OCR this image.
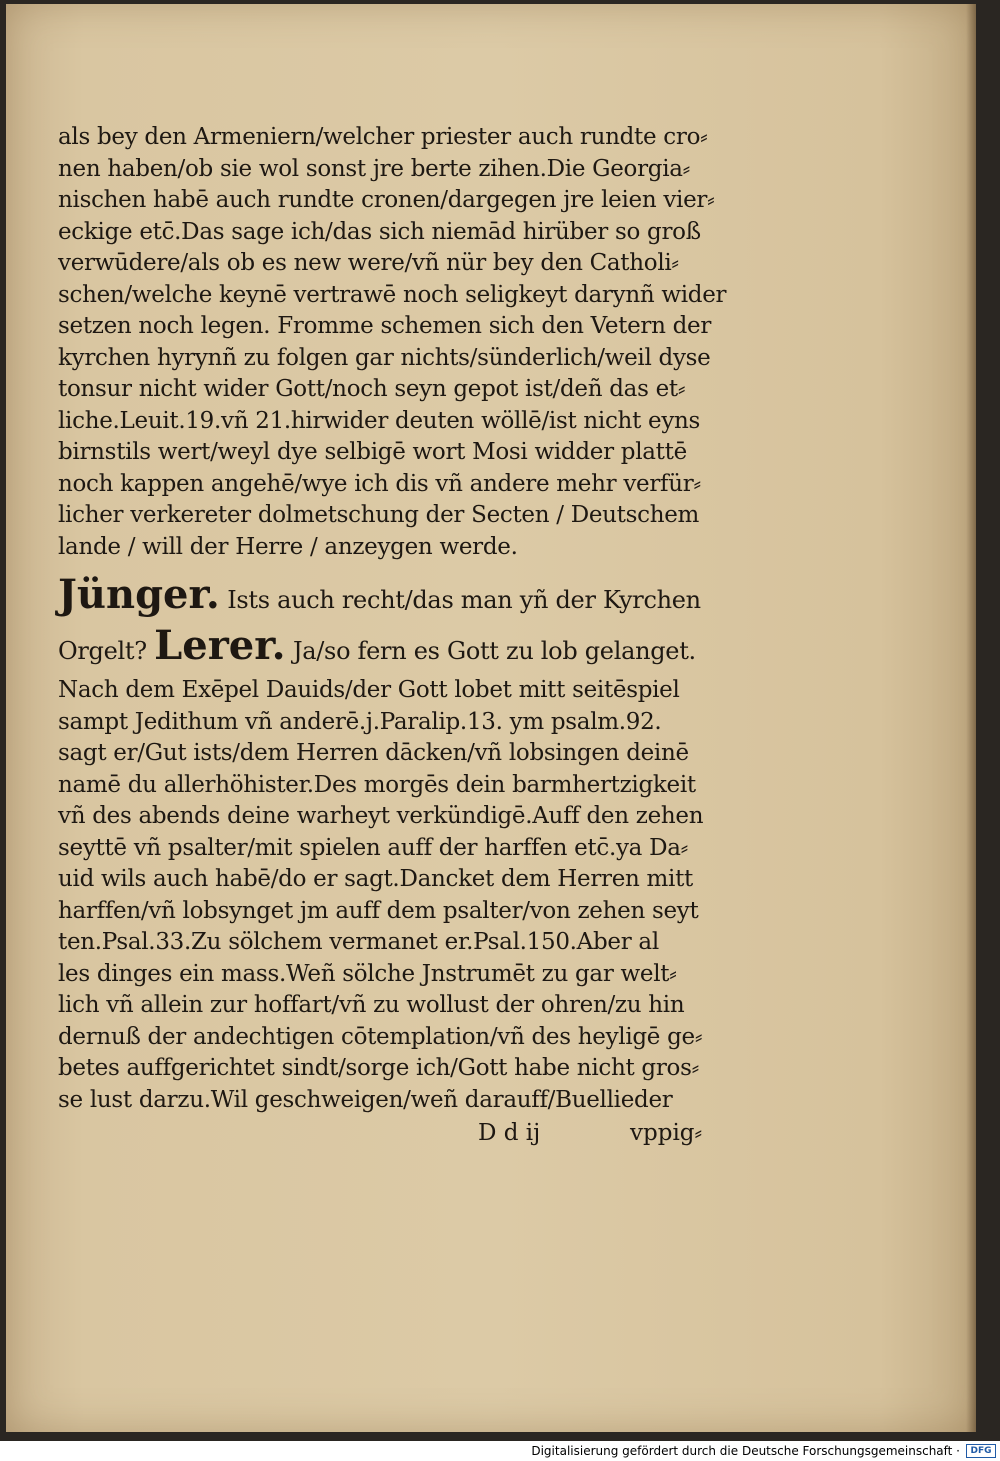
als bey den Armeniern/welcher priester auch rundte cro⸗
nen haben/ob sie wol sonst jre berte zihen.Die Georgia⸗
nischen habē auch rundte cronen/dargegen jre leien vier⸗
eckige etc̄.Das sage ich/das sich niemād hirüber so groß
verwūdere/als ob es new were/vñ nür bey den Catholi⸗
schen/welche keynē vertrawē noch seligkeyt darynñ wider
setzen noch legen. Fromme schemen sich den Vetern der
kyrchen hyrynñ zu folgen gar nichts/sünderlich/weil dyse
tonsur nicht wider Gott/noch seyn gepot ist/deñ das et⸗
liche.Leuit.19.vñ 21.hirwider deuten wöllē/ist nicht eyns
birnstils wert/weyl dye selbigē wort Mosi widder plattē
noch kappen angehē/wye ich dis vñ andere mehr verfür⸗
licher verkereter dolmetschung der Secten / Deutschem
lande / will der Herre / anzeygen werde.
Jünger. Ists auch recht/das man yñ der Kyrchen
Orgelt? Lerer. Ja/so fern es Gott zu lob gelanget.
Nach dem Exēpel Dauids/der Gott lobet mitt seitēspiel
sampt Jedithum vñ anderē.j.Paralip.13. ym psalm.92.
sagt er/Gut ists/dem Herren dācken/vñ lobsingen deinē
namē du allerhöhister.Des morgēs dein barmhertzigkeit
vñ des abends deine warheyt verkündigē.Auff den zehen
seyttē vñ psalter/mit spielen auff der harffen etc̄.ya Da⸗
uid wils auch habē/do er sagt.Dancket dem Herren mitt
harffen/vñ lobsynget jm auff dem psalter/von zehen seyt
ten.Psal.33.Zu sölchem vermanet er.Psal.150.Aber al
les dinges ein mass.Weñ sölche Jnstrumēt zu gar welt⸗
lich vñ allein zur hoffart/vñ zu wollust der ohren/zu hin
dernuß der andechtigen cōtemplation/vñ des heyligē ge⸗
betes auffgerichtet sindt/sorge ich/Gott habe nicht gros⸗
se lust darzu.Wil geschweigen/weñ darauff/Buellieder
D d ij	vppig⸗
Digitalisierung gefördert durch die Deutsche Forschungsgemeinschaft ·	DFG
